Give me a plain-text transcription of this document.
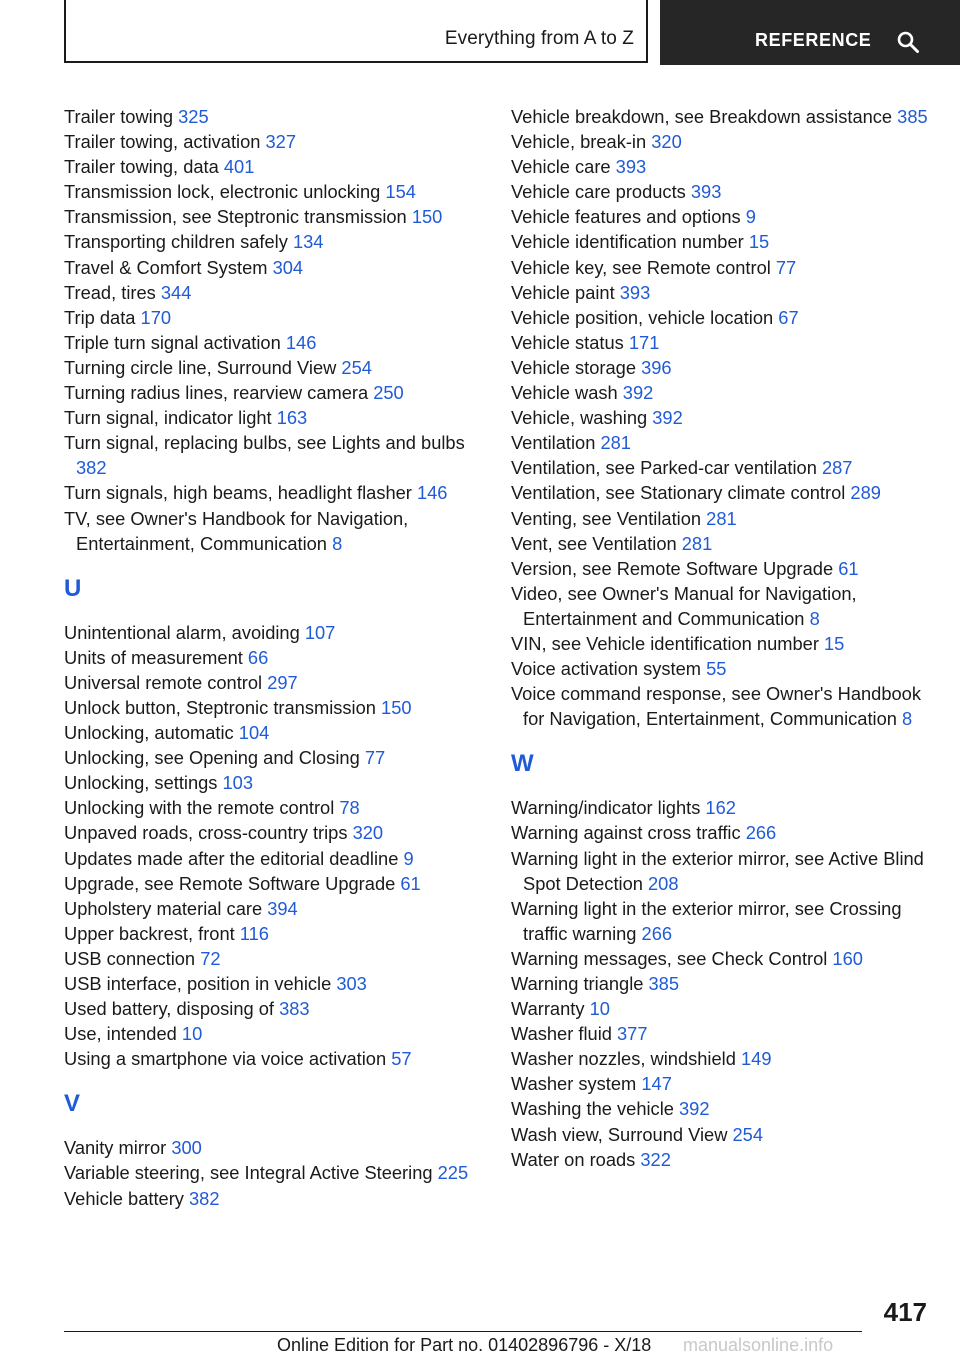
Everything from A to Z	REFERENCE
Trailer towing 325
Trailer towing, activation 327
Trailer towing, data 401
Transmission lock, electronic unlocking 154
Transmission, see Steptronic transmission 150
Transporting children safely 134
Travel & Comfort System 304
Tread, tires 344
Trip data 170
Triple turn signal activation 146
Turning circle line, Surround View 254
Turning radius lines, rearview camera 250
Turn signal, indicator light 163
Turn signal, replacing bulbs, see Lights and bulbs 382
Turn signals, high beams, headlight flasher 146
TV, see Owner's Handbook for Navigation, Entertainment, Communication 8
U
Unintentional alarm, avoiding 107
Units of measurement 66
Universal remote control 297
Unlock button, Steptronic transmission 150
Unlocking, automatic 104
Unlocking, see Opening and Closing 77
Unlocking, settings 103
Unlocking with the remote control 78
Unpaved roads, cross-country trips 320
Updates made after the editorial deadline 9
Upgrade, see Remote Software Upgrade 61
Upholstery material care 394
Upper backrest, front 116
USB connection 72
USB interface, position in vehicle 303
Used battery, disposing of 383
Use, intended 10
Using a smartphone via voice activation 57
V
Vanity mirror 300
Variable steering, see Integral Active Steering 225
Vehicle battery 382
Vehicle breakdown, see Breakdown assistance 385
Vehicle, break-in 320
Vehicle care 393
Vehicle care products 393
Vehicle features and options 9
Vehicle identification number 15
Vehicle key, see Remote control 77
Vehicle paint 393
Vehicle position, vehicle location 67
Vehicle status 171
Vehicle storage 396
Vehicle wash 392
Vehicle, washing 392
Ventilation 281
Ventilation, see Parked-car ventilation 287
Ventilation, see Stationary climate control 289
Venting, see Ventilation 281
Vent, see Ventilation 281
Version, see Remote Software Upgrade 61
Video, see Owner's Manual for Navigation, Entertainment and Communication 8
VIN, see Vehicle identification number 15
Voice activation system 55
Voice command response, see Owner's Handbook for Navigation, Entertainment, Communication 8
W
Warning/indicator lights 162
Warning against cross traffic 266
Warning light in the exterior mirror, see Active Blind Spot Detection 208
Warning light in the exterior mirror, see Crossing traffic warning 266
Warning messages, see Check Control 160
Warning triangle 385
Warranty 10
Washer fluid 377
Washer nozzles, windshield 149
Washer system 147
Washing the vehicle 392
Wash view, Surround View 254
Water on roads 322
417
Online Edition for Part no. 01402896796 - X/18 manualsonline.info
